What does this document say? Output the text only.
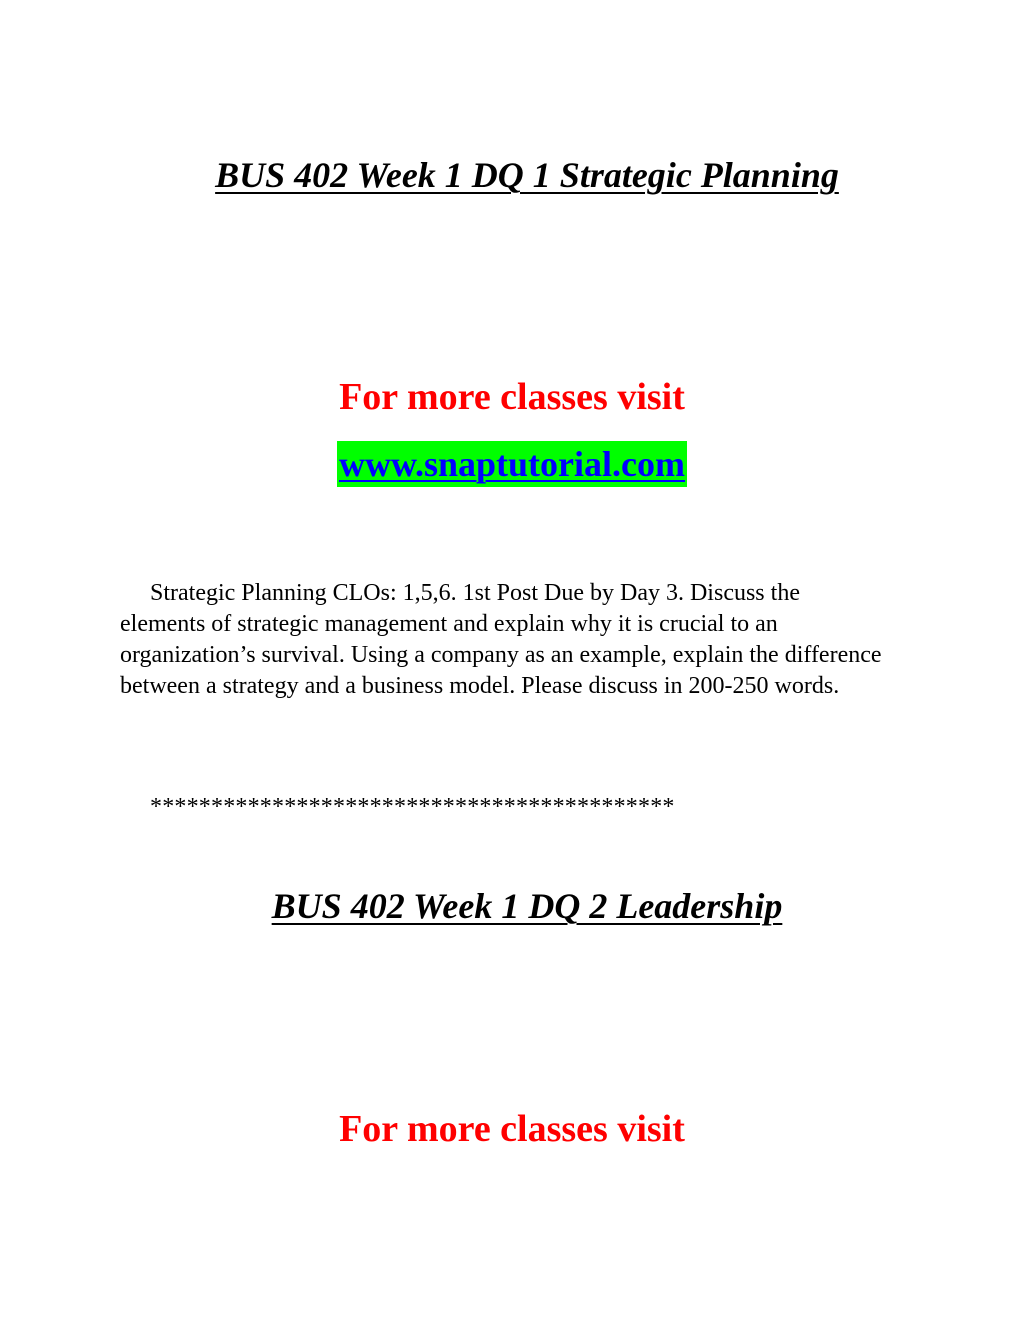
BUS 402 Week 1 DQ 1 Strategic Planning

For more classes visit

www.snaptutorial.com

Strategic Planning CLOs: 1,5,6. 1st Post Due by Day 3. Discuss the elements of strategic management and explain why it is crucial to an organization’s survival. Using a company as an example, explain the difference between a strategy and a business model. Please discuss in 200-250 words.

*******************************************

BUS 402 Week 1 DQ 2 Leadership

For more classes visit
